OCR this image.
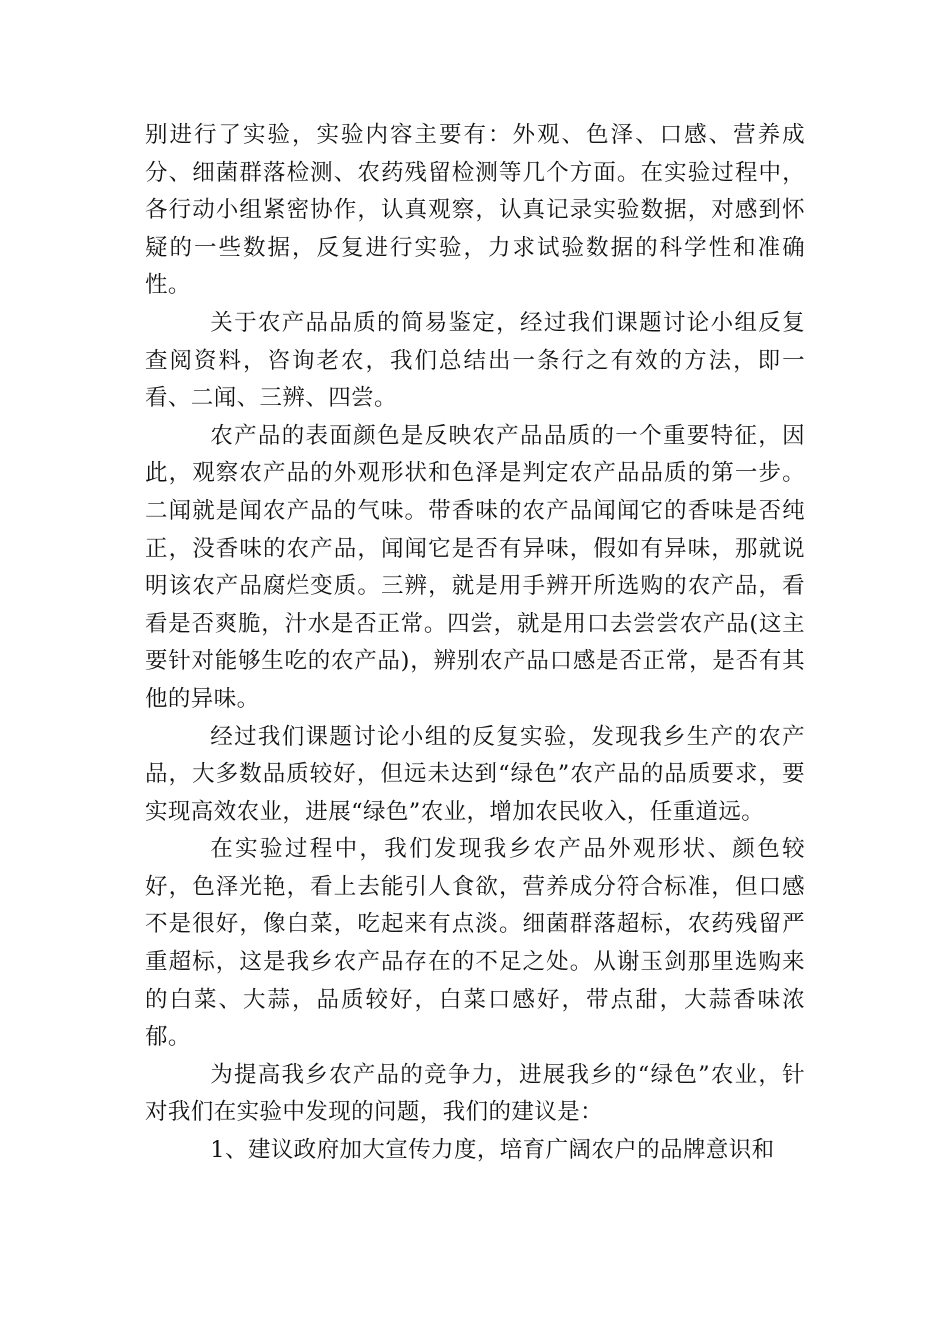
别进行了实验，实验内容主要有：外观、色泽、口感、营养成分、细菌群落检测、农药残留检测等几个方面。在实验过程中，各行动小组紧密协作，认真观察，认真记录实验数据，对感到怀疑的一些数据，反复进行实验，力求试验数据的科学性和准确性。

关于农产品品质的简易鉴定，经过我们课题讨论小组反复查阅资料，咨询老农，我们总结出一条行之有效的方法，即一看、二闻、三辨、四尝。

农产品的表面颜色是反映农产品品质的一个重要特征，因此，观察农产品的外观形状和色泽是判定农产品品质的第一步。二闻就是闻农产品的气味。带香味的农产品闻闻它的香味是否纯正，没香味的农产品，闻闻它是否有异味，假如有异味，那就说明该农产品腐烂变质。三辨，就是用手辨开所选购的农产品，看看是否爽脆，汁水是否正常。四尝，就是用口去尝尝农产品(这主要针对能够生吃的农产品)，辨别农产品口感是否正常，是否有其他的异味。

经过我们课题讨论小组的反复实验，发现我乡生产的农产品，大多数品质较好，但远未达到“绿色”农产品的品质要求，要实现高效农业，进展“绿色”农业，增加农民收入，任重道远。

在实验过程中，我们发现我乡农产品外观形状、颜色较好，色泽光艳，看上去能引人食欲，营养成分符合标准，但口感不是很好，像白菜，吃起来有点淡。细菌群落超标，农药残留严重超标，这是我乡农产品存在的不足之处。从谢玉剑那里选购来的白菜、大蒜，品质较好，白菜口感好，带点甜，大蒜香味浓郁。

为提高我乡农产品的竞争力，进展我乡的“绿色”农业，针对我们在实验中发现的问题，我们的建议是：

1、建议政府加大宣传力度，培育广阔农户的品牌意识和
